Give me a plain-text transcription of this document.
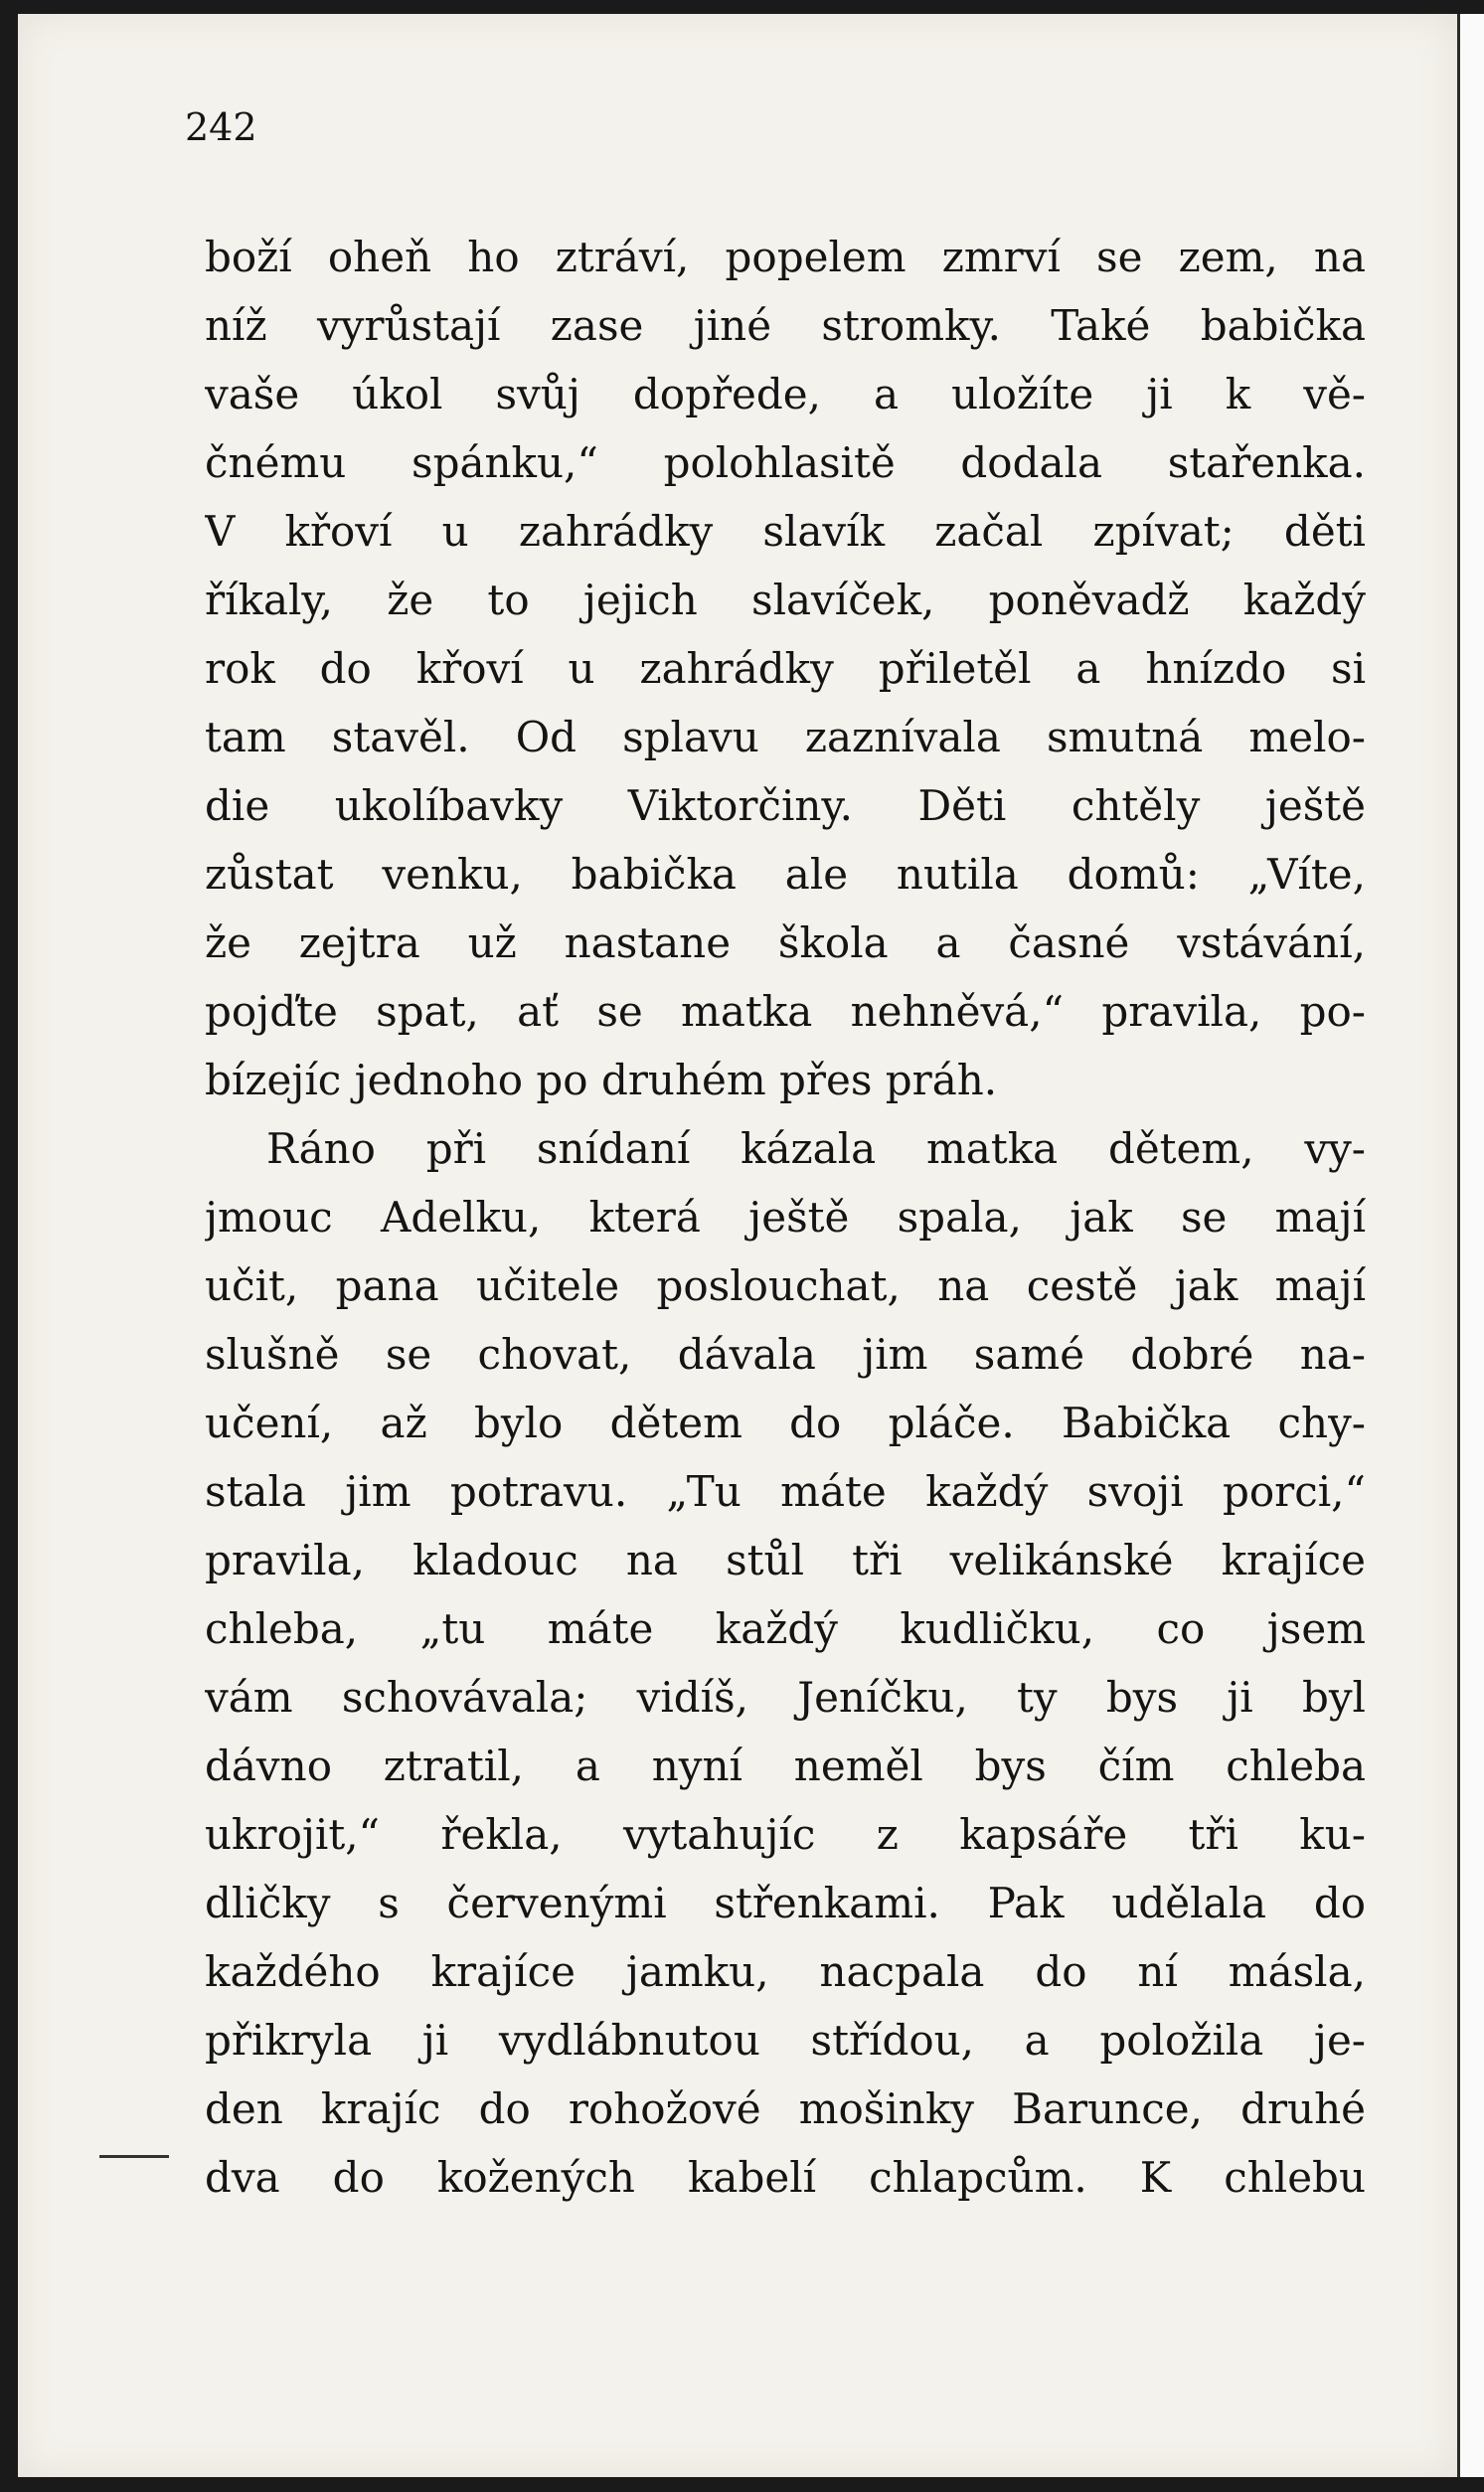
242
boží oheň ho ztráví, popelem zmrví se zem, na
níž vyrůstají zase jiné stromky. Také babička
vaše úkol svůj dopřede, a uložíte ji k vě-
čnému spánku,“ polohlasitě dodala stařenka.
V křoví u zahrádky slavík začal zpívat; děti
říkaly, že to jejich slavíček, poněvadž každý
rok do křoví u zahrádky přiletěl a hnízdo si
tam stavěl. Od splavu zaznívala smutná melo-
die ukolíbavky Viktorčiny. Děti chtěly ještě
zůstat venku, babička ale nutila domů: „Víte,
že zejtra už nastane škola a časné vstávání,
pojďte spat, ať se matka nehněvá,“ pravila, po-
bízejíc jednoho po druhém přes práh.
Ráno při snídaní kázala matka dětem, vy-
jmouc Adelku, která ještě spala, jak se mají
učit, pana učitele poslouchat, na cestě jak mají
slušně se chovat, dávala jim samé dobré na-
učení, až bylo dětem do pláče. Babička chy-
stala jim potravu. „Tu máte každý svoji porci,“
pravila, kladouc na stůl tři velikánské krajíce
chleba, „tu máte každý kudličku, co jsem
vám schovávala; vidíš, Jeníčku, ty bys ji byl
dávno ztratil, a nyní neměl bys čím chleba
ukrojit,“ řekla, vytahujíc z kapsáře tři ku-
dličky s červenými střenkami. Pak udělala do
každého krajíce jamku, nacpala do ní másla,
přikryla ji vydlábnutou střídou, a položila je-
den krajíc do rohožové mošinky Barunce, druhé
dva do kožených kabelí chlapcům. K chlebu
